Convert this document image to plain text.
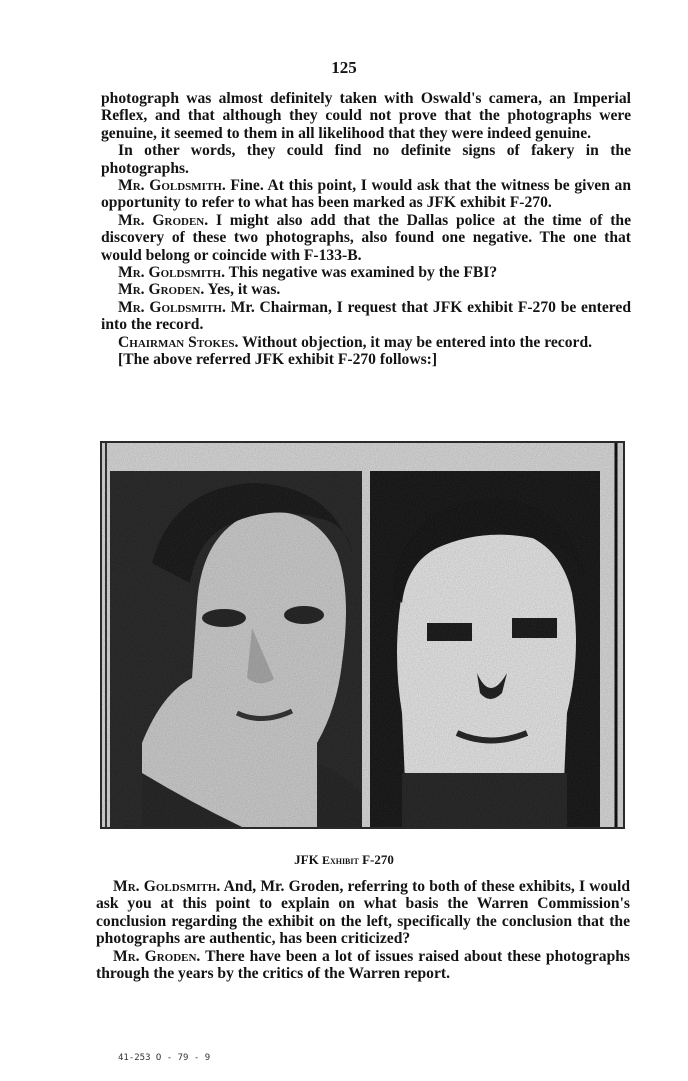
125

photograph was almost definitely taken with Oswald's camera, an Imperial Reflex, and that although they could not prove that the photographs were genuine, it seemed to them in all likelihood that they were indeed genuine.

In other words, they could find no definite signs of fakery in the photographs.

Mr. Goldsmith. Fine. At this point, I would ask that the witness be given an opportunity to refer to what has been marked as JFK exhibit F-270.

Mr. Groden. I might also add that the Dallas police at the time of the discovery of these two photographs, also found one negative. The one that would belong or coincide with F-133-B.

Mr. Goldsmith. This negative was examined by the FBI?

Mr. Groden. Yes, it was.

Mr. Goldsmith. Mr. Chairman, I request that JFK exhibit F-270 be entered into the record.

Chairman Stokes. Without objection, it may be entered into the record.

[The above referred JFK exhibit F-270 follows:]

JFK Exhibit F-270

Mr. Goldsmith. And, Mr. Groden, referring to both of these exhibits, I would ask you at this point to explain on what basis the Warren Commission's conclusion regarding the exhibit on the left, specifically the conclusion that the photographs are authentic, has been criticized?

Mr. Groden. There have been a lot of issues raised about these photographs through the years by the critics of the Warren report.

41-253 O - 79 - 9
